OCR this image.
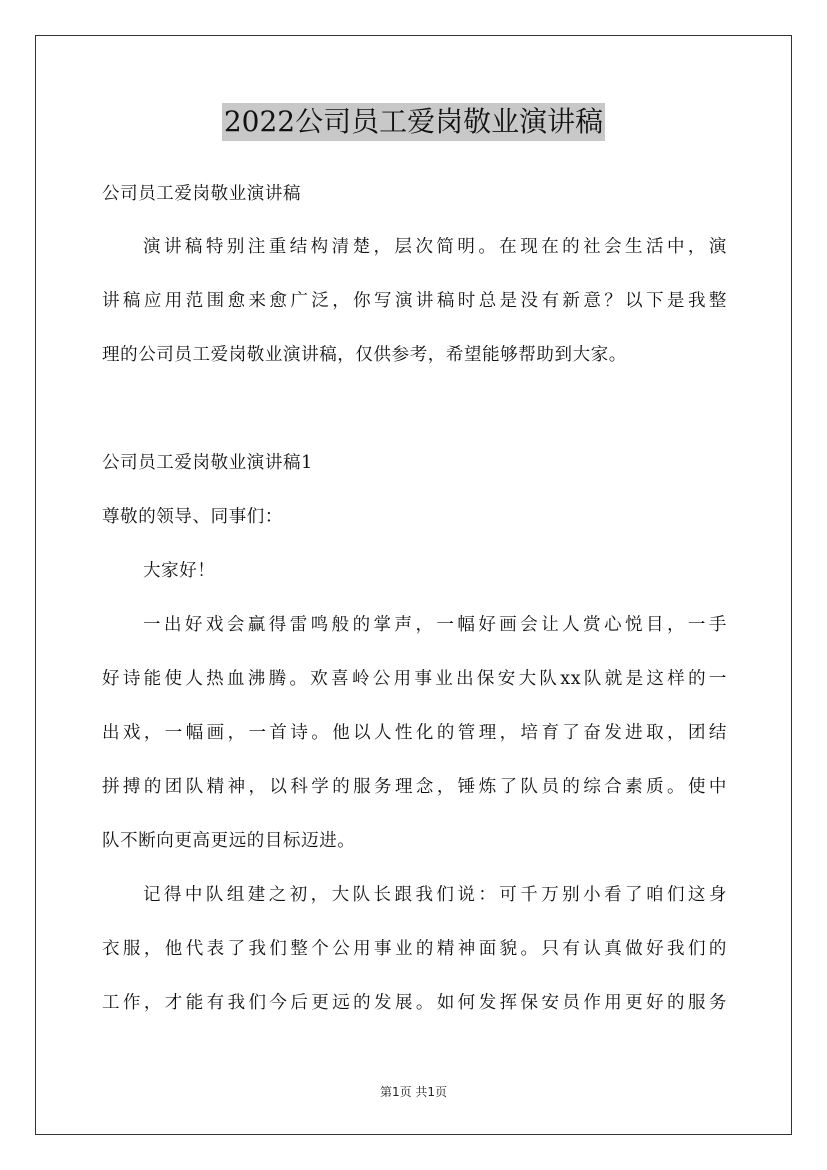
2022公司员工爱岗敬业演讲稿
公司员工爱岗敬业演讲稿
演讲稿特别注重结构清楚，层次简明。在现在的社会生活中，演
讲稿应用范围愈来愈广泛，你写演讲稿时总是没有新意？以下是我整
理的公司员工爱岗敬业演讲稿，仅供参考，希望能够帮助到大家。
公司员工爱岗敬业演讲稿1
尊敬的领导、同事们：
大家好！
一出好戏会赢得雷鸣般的掌声，一幅好画会让人赏心悦目，一手
好诗能使人热血沸腾。欢喜岭公用事业出保安大队xx队就是这样的一
出戏，一幅画，一首诗。他以人性化的管理，培育了奋发进取，团结
拼搏的团队精神，以科学的服务理念，锤炼了队员的综合素质。使中
队不断向更高更远的目标迈进。
记得中队组建之初，大队长跟我们说：可千万别小看了咱们这身
衣服，他代表了我们整个公用事业的精神面貌。只有认真做好我们的
工作，才能有我们今后更远的发展。如何发挥保安员作用更好的服务
第1页 共1页
